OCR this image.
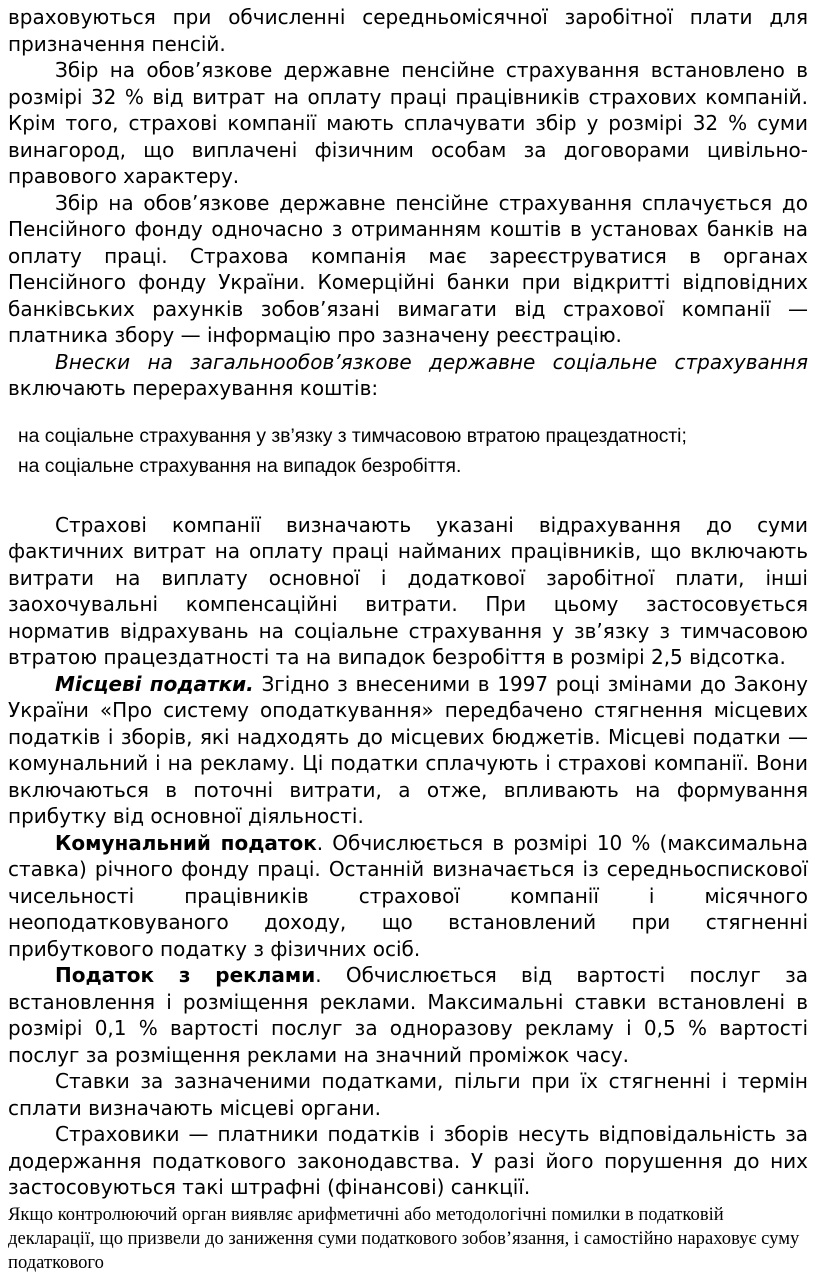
враховуються при обчисленні середньомісячної заробітної плати для призначення пенсій.

Збір на обов’язкове державне пенсійне страхування встановлено в розмірі 32 % від витрат на оплату праці працівників страхових компаній. Крім того, страхові компанії мають сплачувати збір у розмірі 32 % суми винагород, що виплачені фізичним особам за договорами цивільно-правового характеру.

Збір на обов’язкове державне пенсійне страхування сплачується до Пенсійного фонду одночасно з отриманням коштів в установах банків на оплату праці. Страхова компанія має зареєструватися в органах Пенсійного фонду України. Комерційні банки при відкритті відповідних банківських рахунків зобов’язані вимагати від страхової компанії — платника збору — інформацію про зазначену реєстрацію.

Внески на загальнообов’язкове державне соціальне страхування включають перерахування коштів:

на соціальне страхування у зв’язку з тимчасовою втратою працездатності;
на соціальне страхування на випадок безробіття.

Страхові компанії визначають указані відрахування до суми фактичних витрат на оплату праці найманих працівників, що включають витрати на виплату основної і додаткової заробітної плати, інші заохочувальні компенсаційні витрати. При цьому застосовується норматив відрахувань на соціальне страхування у зв’язку з тимчасовою втратою працездатності та на випадок безробіття в розмірі 2,5 відсотка.

Місцеві податки. Згідно з внесеними в 1997 році змінами до Закону України «Про систему оподаткування» передбачено стягнення місцевих податків і зборів, які надходять до місцевих бюджетів. Місцеві податки — комунальний і на рекламу. Ці податки сплачують і страхові компанії. Вони включаються в поточні витрати, а отже, впливають на формування прибутку від основної діяльності.

Комунальний податок. Обчислюється в розмірі 10 % (максимальна ставка) річного фонду праці. Останній визначається із середньоспискової чисельності працівників страхової компанії і місячного неоподатковуваного доходу, що встановлений при стягненні прибуткового податку з фізичних осіб.

Податок з реклами. Обчислюється від вартості послуг за встановлення і розміщення реклами. Максимальні ставки встановлені в розмірі 0,1 % вартості послуг за одноразову рекламу і 0,5 % вартості послуг за розміщення реклами на значний проміжок часу.

Ставки за зазначеними податками, пільги при їх стягненні і термін сплати визначають місцеві органи.

Страховики — платники податків і зборів несуть відповідальність за додержання податкового законодавства. У разі його порушення до них застосовуються такі штрафні (фінансові) санкції.

Якщо контролюючий орган виявляє арифметичні або методологічні помилки в податковій декларації, що призвели до заниження суми податкового зобов’язання, і самостійно нараховує суму податкового
